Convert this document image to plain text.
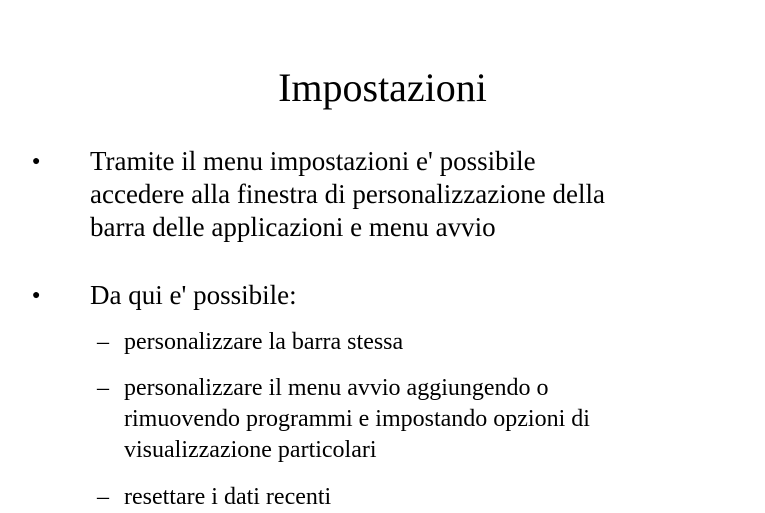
Impostazioni
● Tramite il menu impostazioni e' possibile
accedere alla finestra di personalizzazione della
barra delle applicazioni e menu avvio
● Da qui e' possibile:
– personalizzare la barra stessa
– personalizzare il menu avvio aggiungendo o
rimuovendo programmi e impostando opzioni di
visualizzazione particolari
– resettare i dati recenti
